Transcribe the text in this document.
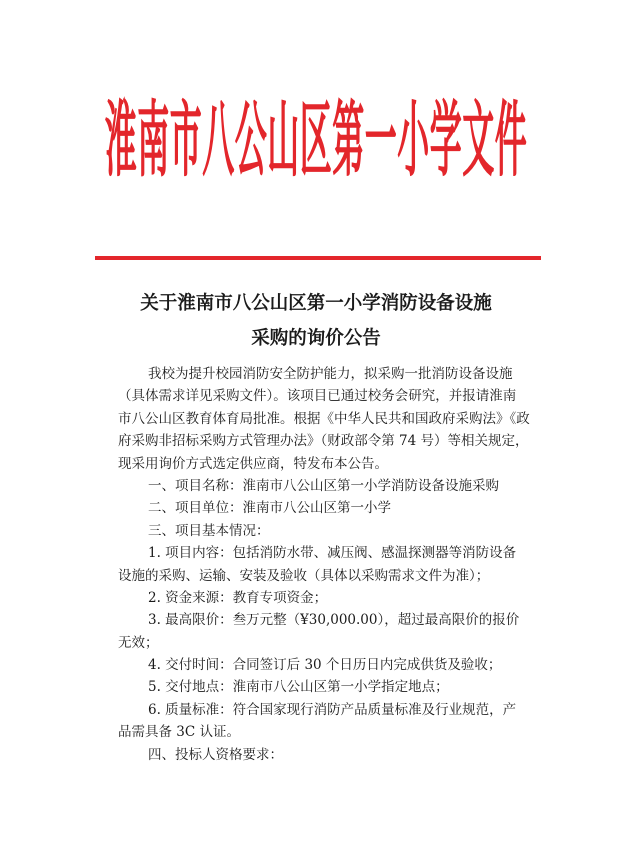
淮南市八公山区第一小学文件
关于淮南市八公山区第一小学消防设备设施
采购的询价公告
我校为提升校园消防安全防护能力，拟采购一批消防设备设施
（具体需求详见采购文件）。该项目已通过校务会研究，并报请淮南
市八公山区教育体育局批准。根据《中华人民共和国政府采购法》《政
府采购非招标采购方式管理办法》（财政部令第 74 号）等相关规定，
现采用询价方式选定供应商，特发布本公告。
一、项目名称：淮南市八公山区第一小学消防设备设施采购
二、项目单位：淮南市八公山区第一小学
三、项目基本情况：
1. 项目内容：包括消防水带、减压阀、感温探测器等消防设备
设施的采购、运输、安装及验收（具体以采购需求文件为准）；
2. 资金来源：教育专项资金；
3. 最高限价：叁万元整（¥30,000.00），超过最高限价的报价
无效；
4. 交付时间：合同签订后 30 个日历日内完成供货及验收；
5. 交付地点：淮南市八公山区第一小学指定地点；
6. 质量标准：符合国家现行消防产品质量标准及行业规范，产
品需具备 3C 认证。
四、投标人资格要求：
